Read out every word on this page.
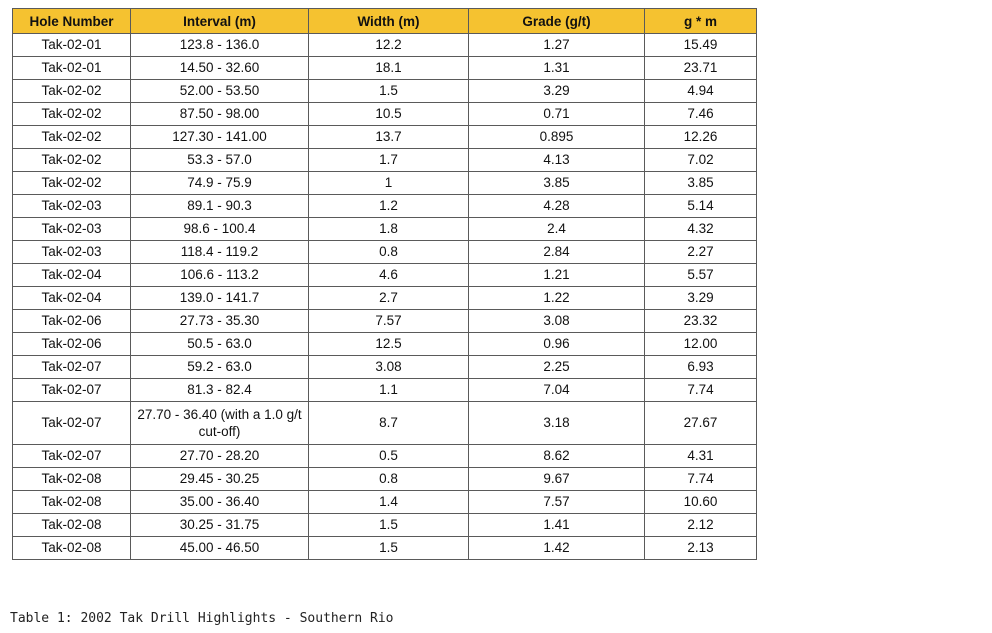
Hole Number	Interval (m)	Width (m)	Grade (g/t)	g * m
Tak-02-01	123.8 - 136.0	12.2	1.27	15.49
Tak-02-01	14.50 - 32.60	18.1	1.31	23.71
Tak-02-02	52.00 - 53.50	1.5	3.29	4.94
Tak-02-02	87.50 - 98.00	10.5	0.71	7.46
Tak-02-02	127.30 - 141.00	13.7	0.895	12.26
Tak-02-02	53.3 - 57.0	1.7	4.13	7.02
Tak-02-02	74.9 - 75.9	1	3.85	3.85
Tak-02-03	89.1 - 90.3	1.2	4.28	5.14
Tak-02-03	98.6 - 100.4	1.8	2.4	4.32
Tak-02-03	118.4 - 119.2	0.8	2.84	2.27
Tak-02-04	106.6 - 113.2	4.6	1.21	5.57
Tak-02-04	139.0 - 141.7	2.7	1.22	3.29
Tak-02-06	27.73 - 35.30	7.57	3.08	23.32
Tak-02-06	50.5 - 63.0	12.5	0.96	12.00
Tak-02-07	59.2 - 63.0	3.08	2.25	6.93
Tak-02-07	81.3 - 82.4	1.1	7.04	7.74
Tak-02-07	27.70 - 36.40 (with a 1.0 g/t cut-off)	8.7	3.18	27.67
Tak-02-07	27.70 - 28.20	0.5	8.62	4.31
Tak-02-08	29.45 - 30.25	0.8	9.67	7.74
Tak-02-08	35.00 - 36.40	1.4	7.57	10.60
Tak-02-08	30.25 - 31.75	1.5	1.41	2.12
Tak-02-08	45.00 - 46.50	1.5	1.42	2.13
Table 1: 2002 Tak Drill Highlights - Southern Rio
